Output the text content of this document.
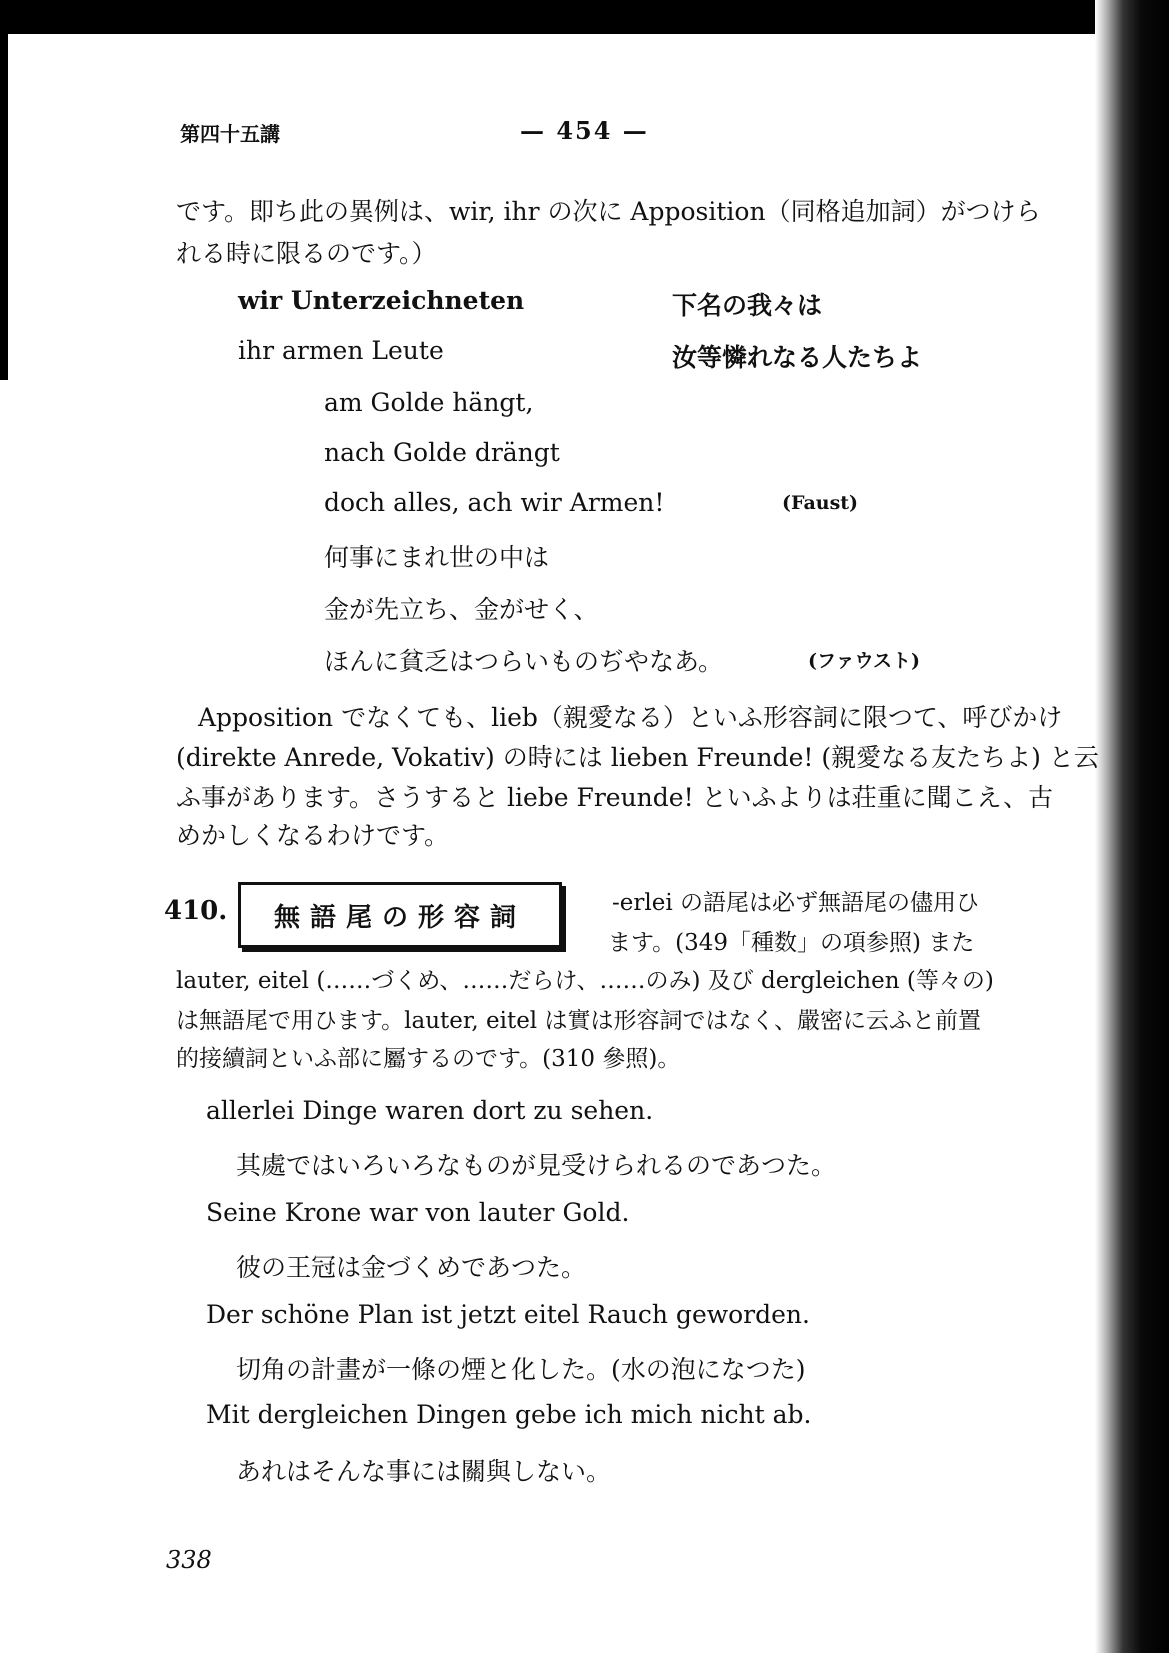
第四十五講	— 454 —
です。即ち此の異例は、wir, ihr の次に Apposition（同格追加詞）がつけら
れる時に限るのです。）
wir Unterzeichneten	下名の我々は
ihr armen Leute	汝等憐れなる人たちよ
am Golde hängt,
nach Golde drängt
doch alles, ach wir Armen!	(Faust)
何事にまれ世の中は
金が先立ち、金がせく、
ほんに貧乏はつらいものぢやなあ。	(ファウスト)
Apposition でなくても、lieb（親愛なる）といふ形容詞に限つて、呼びかけ
(direkte Anrede, Vokativ) の時には lieben Freunde! (親愛なる友たちよ) と云
ふ事があります。さうすると liebe Freunde! といふよりは荘重に聞こえ、古
めかしくなるわけです。
410. 無語尾の形容詞	-erlei の語尾は必ず無語尾の儘用ひ
ます。(349「種数」の項参照) また
lauter, eitel (……づくめ、……だらけ、……のみ) 及び dergleichen (等々の)
は無語尾で用ひます。lauter, eitel は實は形容詞ではなく、嚴密に云ふと前置
的接續詞といふ部に屬するのです。(310 參照)。
allerlei Dinge waren dort zu sehen.
其處ではいろいろなものが見受けられるのであつた。
Seine Krone war von lauter Gold.
彼の王冠は金づくめであつた。
Der schöne Plan ist jetzt eitel Rauch geworden.
切角の計畫が一條の煙と化した。(水の泡になつた)
Mit dergleichen Dingen gebe ich mich nicht ab.
あれはそんな事には關與しない。
338
